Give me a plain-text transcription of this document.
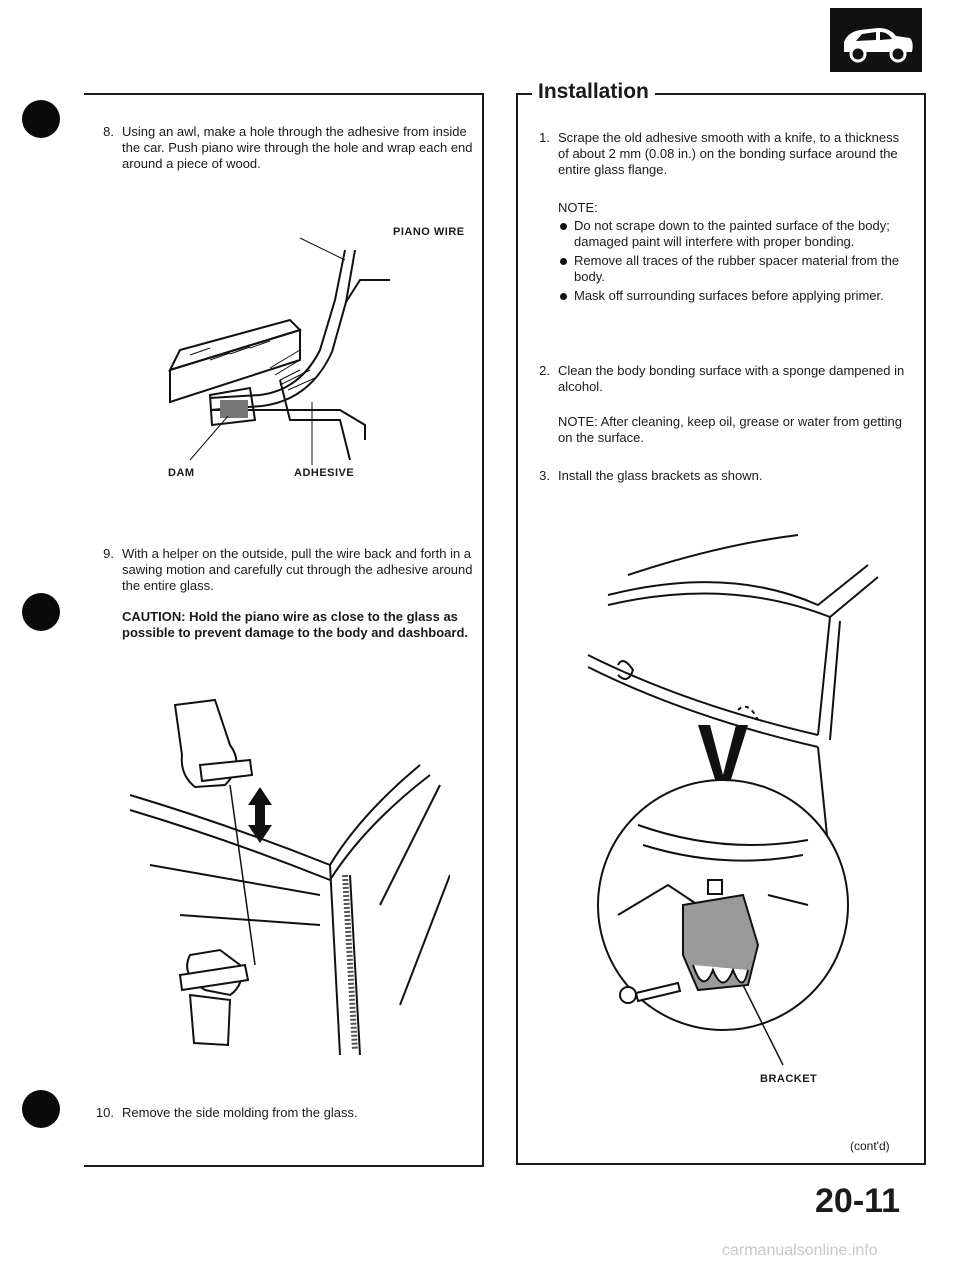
8. Using an awl, make a hole through the adhesive from inside the car. Push piano wire through the hole and wrap each end around a piece of wood.
PIANO WIRE
DAM	ADHESIVE
9. With a helper on the outside, pull the wire back and forth in a sawing motion and carefully cut through the adhesive around the entire glass.
CAUTION: Hold the piano wire as close to the glass as possible to prevent damage to the body and dashboard.
10. Remove the side molding from the glass.
Installation
1. Scrape the old adhesive smooth with a knife, to a thickness of about 2 mm (0.08 in.) on the bonding surface around the entire glass flange.
NOTE:
Do not scrape down to the painted surface of the body; damaged paint will interfere with proper bonding.
Remove all traces of the rubber spacer material from the body.
Mask off surrounding surfaces before applying primer.
2. Clean the body bonding surface with a sponge dampened in alcohol.
NOTE: After cleaning, keep oil, grease or water from getting on the surface.
3. Install the glass brackets as shown.
BRACKET
(cont'd)
20-11
carmanualsonline.info
